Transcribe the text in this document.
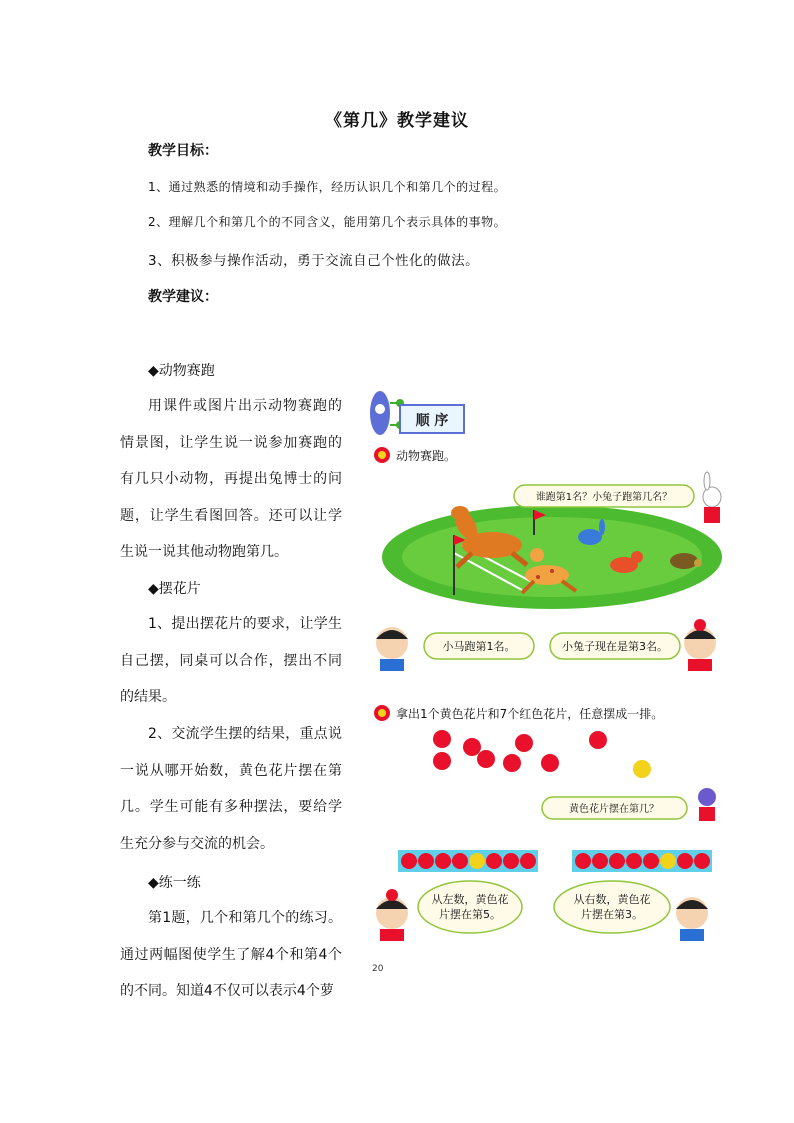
《第几》教学建议
教学目标：
1、通过熟悉的情境和动手操作，经历认识几个和第几个的过程。
2、理解几个和第几个的不同含义，能用第几个表示具体的事物。
3、积极参与操作活动，勇于交流自己个性化的做法。
教学建议：
◆动物赛跑
用课件或图片出示动物赛跑的情景图，让学生说一说参加赛跑的有几只小动物，再提出兔博士的问题，让学生看图回答。还可以让学生说一说其他动物跑第几。
◆摆花片
1、提出摆花片的要求，让学生自己摆，同桌可以合作，摆出不同的结果。
2、交流学生摆的结果，重点说一说从哪开始数，黄色花片摆在第几。学生可能有多种摆法，要给学生充分参与交流的机会。
◆练一练
第1题，几个和第几个的练习。通过两幅图使学生了解4个和第4个的不同。知道4不仅可以表示4个萝
顺 序
动物赛跑。
谁跑第1名？小兔子跑第几名？
小马跑第1名。	小兔子现在是第3名。
拿出1个黄色花片和7个红色花片，任意摆成一排。
黄色花片摆在第几？
从左数，黄色花
片摆在第5。
从右数，黄色花
片摆在第3。
20
